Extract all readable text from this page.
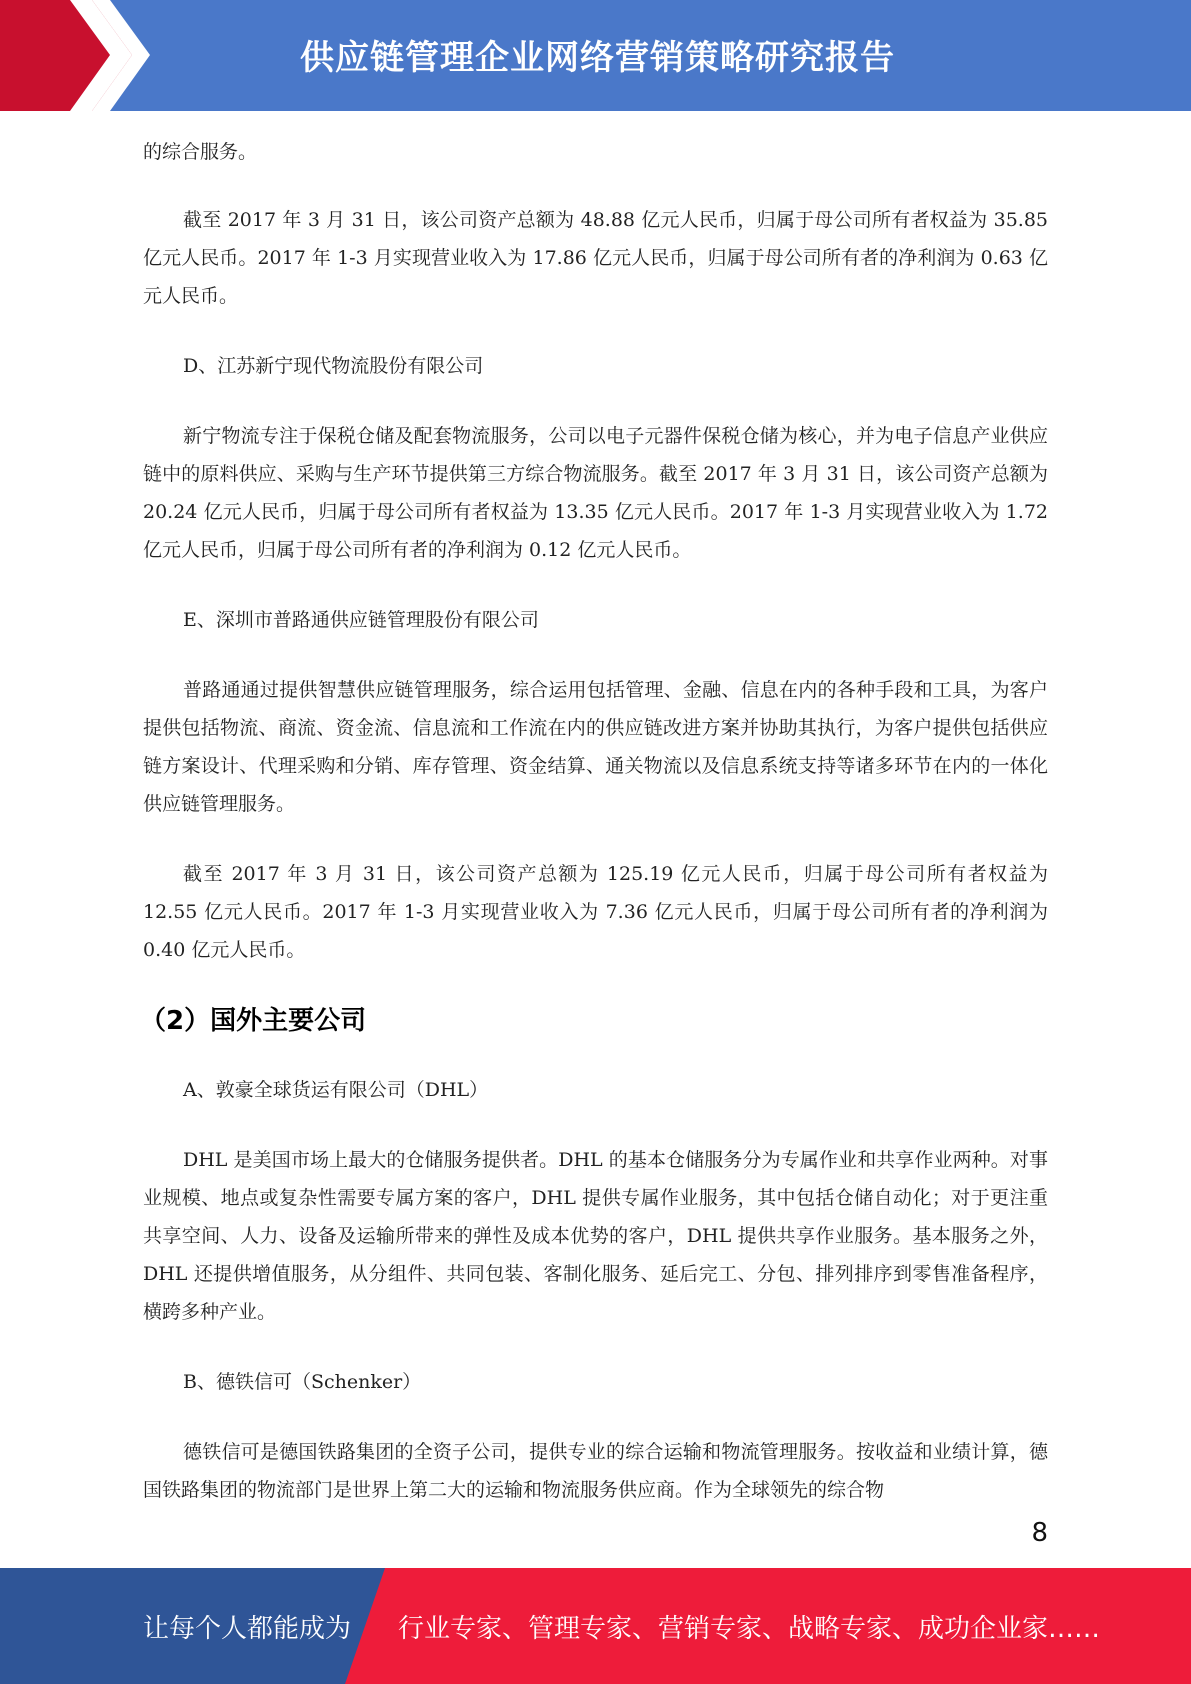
供应链管理企业网络营销策略研究报告

的综合服务。

截至 2017 年 3 月 31 日，该公司资产总额为 48.88 亿元人民币，归属于母公司所有者权益为 35.85 亿元人民币。2017 年 1-3 月实现营业收入为 17.86 亿元人民币，归属于母公司所有者的净利润为 0.63 亿元人民币。

D、江苏新宁现代物流股份有限公司

新宁物流专注于保税仓储及配套物流服务，公司以电子元器件保税仓储为核心，并为电子信息产业供应链中的原料供应、采购与生产环节提供第三方综合物流服务。截至 2017 年 3 月 31 日，该公司资产总额为 20.24 亿元人民币，归属于母公司所有者权益为 13.35 亿元人民币。2017 年 1-3 月实现营业收入为 1.72 亿元人民币，归属于母公司所有者的净利润为 0.12 亿元人民币。

E、深圳市普路通供应链管理股份有限公司

普路通通过提供智慧供应链管理服务，综合运用包括管理、金融、信息在内的各种手段和工具，为客户提供包括物流、商流、资金流、信息流和工作流在内的供应链改进方案并协助其执行，为客户提供包括供应链方案设计、代理采购和分销、库存管理、资金结算、通关物流以及信息系统支持等诸多环节在内的一体化供应链管理服务。

截至 2017 年 3 月 31 日，该公司资产总额为 125.19 亿元人民币，归属于母公司所有者权益为 12.55 亿元人民币。2017 年 1-3 月实现营业收入为 7.36 亿元人民币，归属于母公司所有者的净利润为 0.40 亿元人民币。

（2）国外主要公司

A、敦豪全球货运有限公司（DHL）

DHL 是美国市场上最大的仓储服务提供者。DHL 的基本仓储服务分为专属作业和共享作业两种。对事业规模、地点或复杂性需要专属方案的客户，DHL 提供专属作业服务，其中包括仓储自动化；对于更注重共享空间、人力、设备及运输所带来的弹性及成本优势的客户，DHL 提供共享作业服务。基本服务之外，DHL 还提供增值服务，从分组件、共同包装、客制化服务、延后完工、分包、排列排序到零售准备程序，横跨多种产业。

B、德铁信可（Schenker）

德铁信可是德国铁路集团的全资子公司，提供专业的综合运输和物流管理服务。按收益和业绩计算，德国铁路集团的物流部门是世界上第二大的运输和物流服务供应商。作为全球领先的综合物

8
让每个人都能成为 行业专家、管理专家、营销专家、战略专家、成功企业家……
